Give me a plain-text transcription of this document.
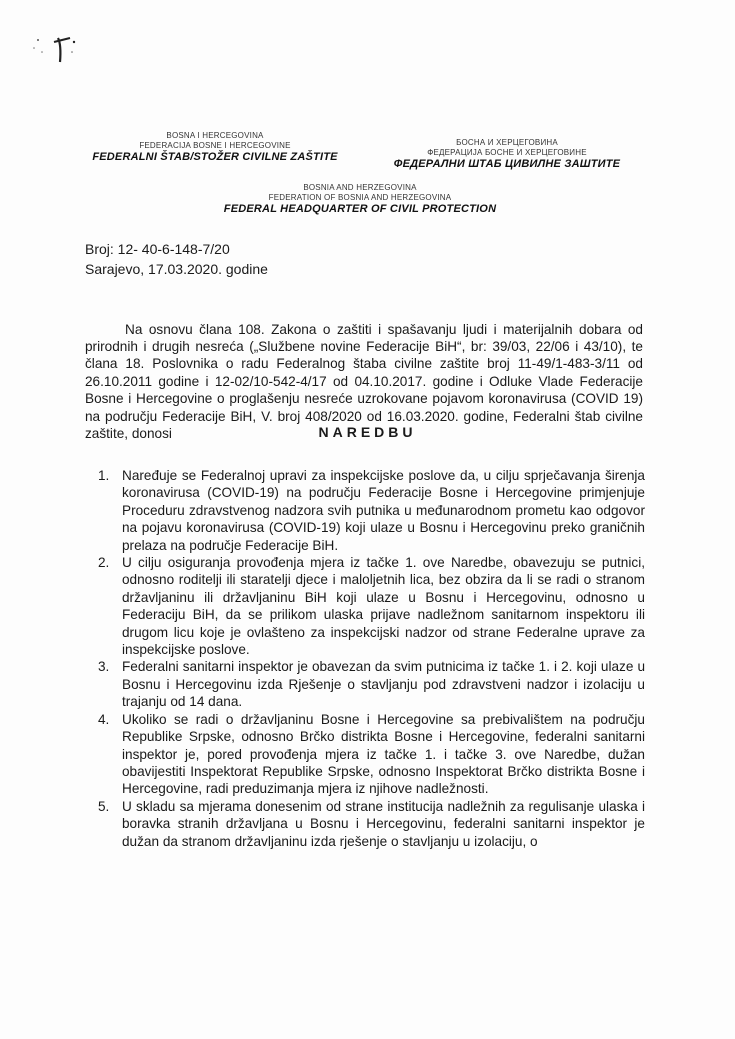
BOSNA I HERCEGOVINA
FEDERACIJA BOSNE I HERCEGOVINE
FEDERALNI ŠTAB/STOŽER CIVILNE ZAŠTITE
БОСНА И ХЕРЦЕГОВИНА
ФЕДЕРАЦИЈА БОСНЕ И ХЕРЦЕГОВИНЕ
ФЕДЕРАЛНИ ШТАБ ЦИВИЛНЕ ЗАШТИТЕ
BOSNIA AND HERZEGOVINA
FEDERATION OF BOSNIA AND HERZEGOVINA
FEDERAL HEADQUARTER OF CIVIL PROTECTION
Broj: 12- 40-6-148-7/20
Sarajevo, 17.03.2020. godine

Na osnovu člana 108. Zakona o zaštiti i spašavanju ljudi i materijalnih dobara od prirodnih i drugih nesreća („Službene novine Federacije BiH“, br: 39/03, 22/06 i 43/10), te člana 18. Poslovnika o radu Federalnog štaba civilne zaštite broj 11-49/1-483-3/11 od 26.10.2011 godine i 12-02/10-542-4/17 od 04.10.2017. godine i Odluke Vlade Federacije Bosne i Hercegovine o proglašenju nesreće uzrokovane pojavom koronavirusa (COVID 19) na području Federacije BiH, V. broj 408/2020 od 16.03.2020. godine, Federalni štab civilne zaštite, donosi	NAREDBU
1. Naređuje se Federalnoj upravi za inspekcijske poslove da, u cilju sprječavanja širenja koronavirusa (COVID-19) na području Federacije Bosne i Hercegovine primjenjuje Proceduru zdravstvenog nadzora svih putnika u međunarodnom prometu kao odgovor na pojavu koronavirusa (COVID-19) koji ulaze u Bosnu i Hercegovinu preko graničnih prelaza na područje Federacije BiH.
2. U cilju osiguranja provođenja mjera iz tačke 1. ove Naredbe, obavezuju se putnici, odnosno roditelji ili staratelji djece i maloljetnih lica, bez obzira da li se radi o stranom državljaninu ili državljaninu BiH koji ulaze u Bosnu i Hercegovinu, odnosno u Federaciju BiH, da se prilikom ulaska prijave nadležnom sanitarnom inspektoru ili drugom licu koje je ovlašteno za inspekcijski nadzor od strane Federalne uprave za inspekcijske poslove.
3. Federalni sanitarni inspektor je obavezan da svim putnicima iz tačke 1. i 2. koji ulaze u Bosnu i Hercegovinu izda Rješenje o stavljanju pod zdravstveni nadzor i izolaciju u trajanju od 14 dana.
4. Ukoliko se radi o državljaninu Bosne i Hercegovine sa prebivalištem na području Republike Srpske, odnosno Brčko distrikta Bosne i Hercegovine, federalni sanitarni inspektor je, pored provođenja mjera iz tačke 1. i tačke 3. ove Naredbe, dužan obavijestiti Inspektorat Republike Srpske, odnosno Inspektorat Brčko distrikta Bosne i Hercegovine, radi preduzimanja mjera iz njihove nadležnosti.
5. U skladu sa mjerama donesenim od strane institucija nadležnih za regulisanje ulaska i boravka stranih državljana u Bosnu i Hercegovinu, federalni sanitarni inspektor je dužan da stranom državljaninu izda rješenje o stavljanju u izolaciju, o
